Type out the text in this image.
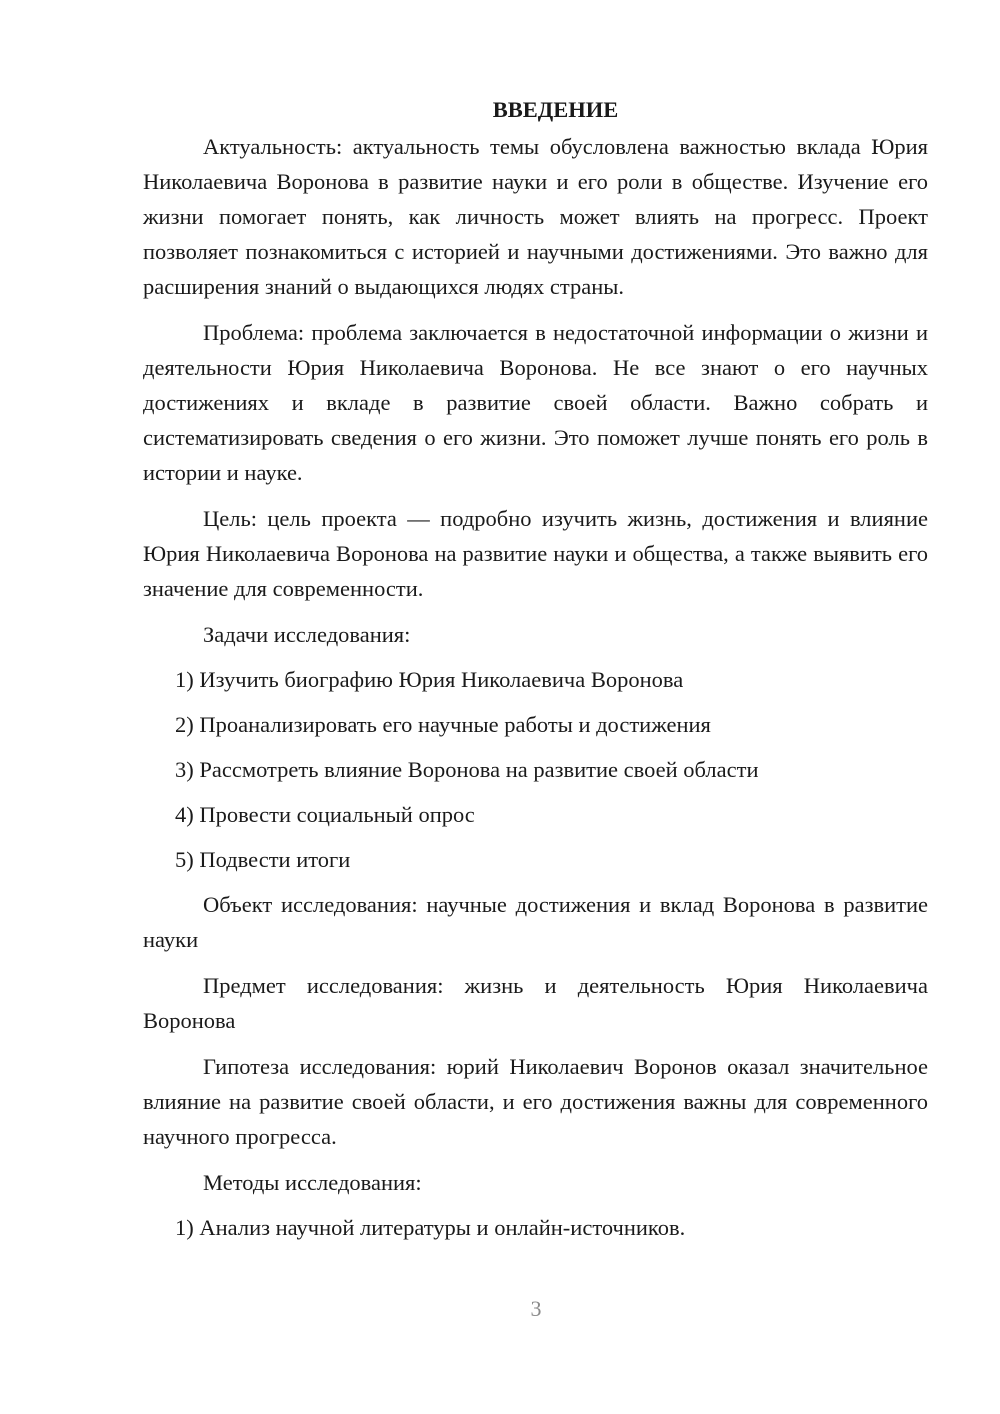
ВВЕДЕНИЕ

Актуальность: актуальность темы обусловлена важностью вклада Юрия Николаевича Воронова в развитие науки и его роли в обществе. Изучение его жизни помогает понять, как личность может влиять на прогресс. Проект позволяет познакомиться с историей и научными достижениями. Это важно для расширения знаний о выдающихся людях страны.

Проблема: проблема заключается в недостаточной информации о жизни и деятельности Юрия Николаевича Воронова. Не все знают о его научных достижениях и вкладе в развитие своей области. Важно собрать и систематизировать сведения о его жизни. Это поможет лучше понять его роль в истории и науке.

Цель: цель проекта — подробно изучить жизнь, достижения и влияние Юрия Николаевича Воронова на развитие науки и общества, а также выявить его значение для современности.

Задачи исследования:
1) Изучить биографию Юрия Николаевича Воронова
2) Проанализировать его научные работы и достижения
3) Рассмотреть влияние Воронова на развитие своей области
4) Провести социальный опрос
5) Подвести итоги

Объект исследования: научные достижения и вклад Воронова в развитие науки

Предмет исследования: жизнь и деятельность Юрия Николаевича Воронова

Гипотеза исследования: юрий Николаевич Воронов оказал значительное влияние на развитие своей области, и его достижения важны для современного научного прогресса.

Методы исследования:
1) Анализ научной литературы и онлайн-источников.
3
